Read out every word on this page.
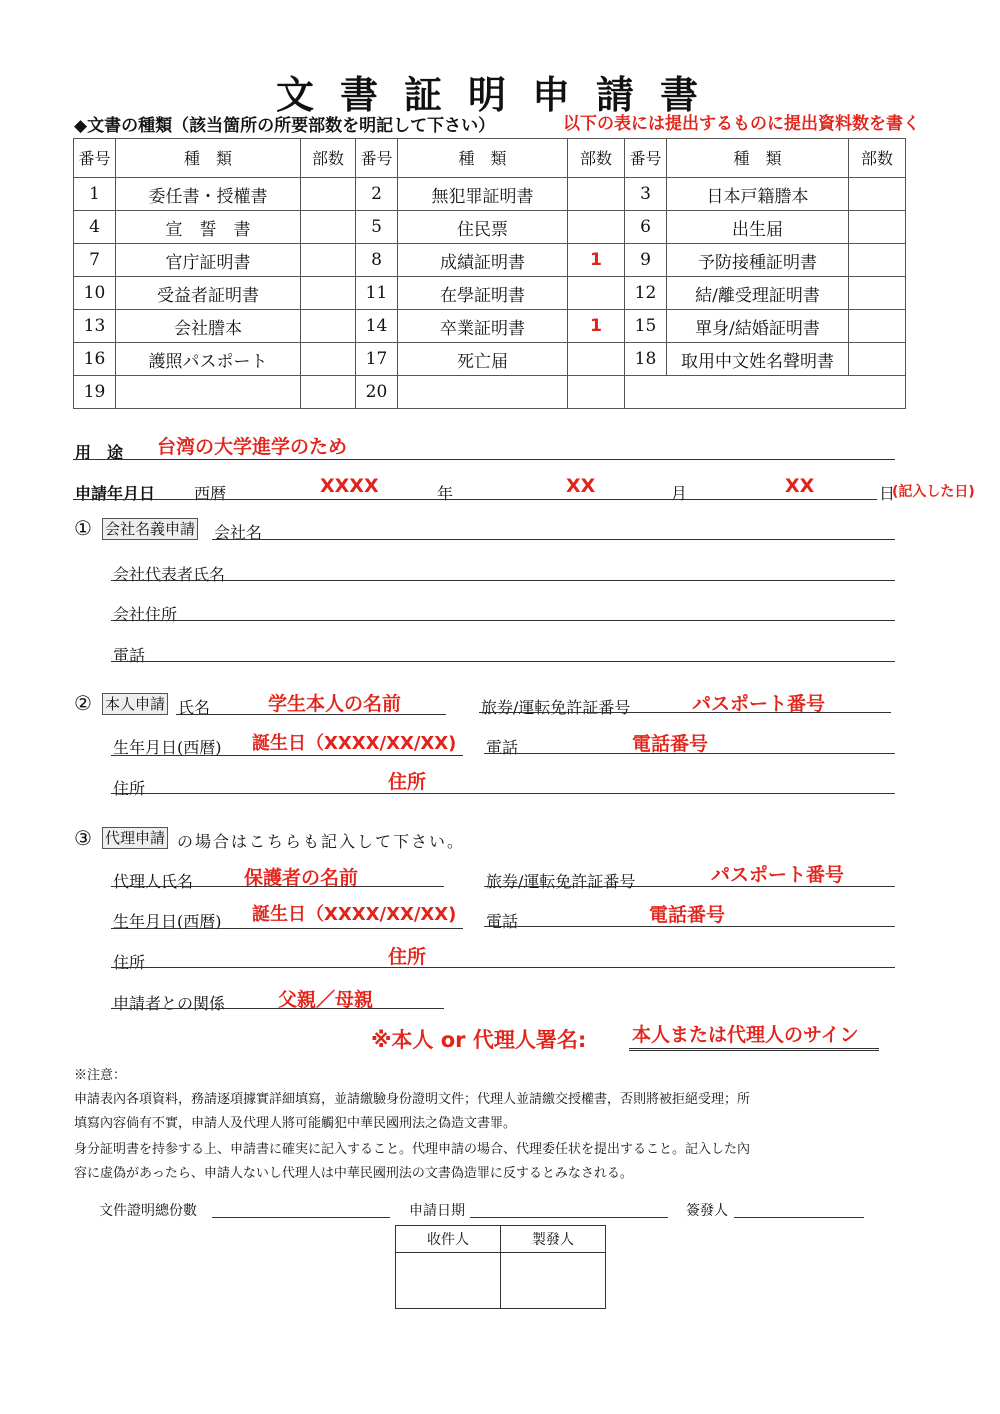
文書証明申請書
◆文書の種類（該当箇所の所要部数を明記して下さい）	以下の表には提出するものに提出資料数を書く
番号	種　類	部数	番号	種　類	部数	番号	種　類	部数
1	委任書・授權書		2	無犯罪証明書		3	日本戸籍謄本	
4	宣　誓　書		5	住民票		6	出生届	
7	官庁証明書		8	成績証明書	1	9	予防接種証明書	
10	受益者証明書		11	在學証明書		12	結/離受理証明書	
13	会社謄本		14	卒業証明書	1	15	單身/結婚証明書	
16	護照パスポート		17	死亡届		18	取用中文姓名聲明書	
19			20					
用　途 台湾の大学進学のため
申請年月日 西暦	XXXX	年	XX	月	XX	日
(記入した日)
① 会社名義申請 会社名
会社代表者氏名
会社住所
電話
② 本人申請 氏名	学生本人の名前	旅券/運転免許証番号	パスポート番号
生年月日(西暦) 誕生日（XXXX/XX/XX) 電話	電話番号
住所	住所
③ 代理申請 の場合はこちらも記入して下さい。
代理人氏名	保護者の名前	旅券/運転免許証番号	パスポート番号
生年月日(西暦) 誕生日（XXXX/XX/XX) 電話	電話番号
住所	住所
申請者との関係	父親／母親
※本人 or 代理人署名: 本人または代理人のサイン
※注意：
申請表內各項資料，務請逐項據實詳細填寫，並請繳驗身份證明文件；代理人並請繳交授權書，否則將被拒絕受理；所
填寫內容倘有不實，申請人及代理人將可能觸犯中華民國刑法之偽造文書罪。
身分証明書を持参する上、申請書に確実に記入すること。代理申請の場合、代理委任状を提出すること。記入した內
容に虚偽があったら、申請人ないし代理人は中華民國刑法の文書偽造罪に反するとみなされる。
文件證明總份數	申請日期	簽發人
收件人	製發人
